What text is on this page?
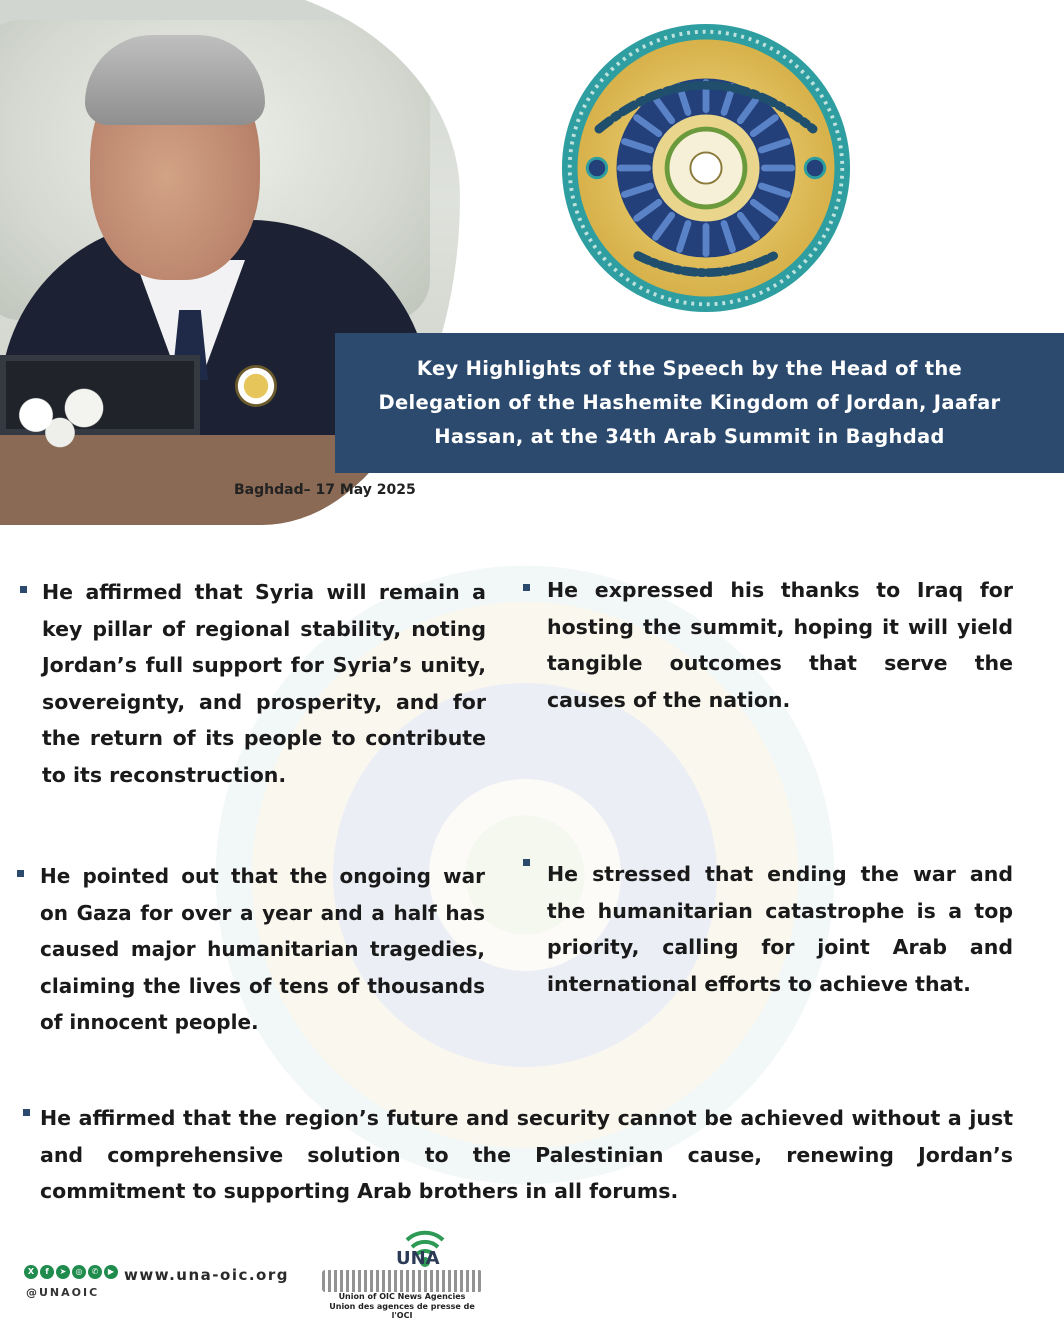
Key Highlights of the Speech by the Head of the Delegation of the Hashemite Kingdom of Jordan, Jaafar Hassan, at the 34th Arab Summit in Baghdad
Baghdad– 17 May 2025
He affirmed that Syria will remain a key pillar of regional stability, noting Jordan’s full support for Syria’s unity, sovereignty, and prosperity, and for the return of its people to contribute to its reconstruction.
He expressed his thanks to Iraq for hosting the summit, hoping it will yield tangible outcomes that serve the causes of the nation.
He pointed out that the ongoing war on Gaza for over a year and a half has caused major humanitarian tragedies, claiming the lives of tens of thousands of innocent people.
He stressed that ending the war and the humanitarian catastrophe is a top priority, calling for joint Arab and international efforts to achieve that.
He affirmed that the region’s future and security cannot be achieved without a just and comprehensive solution to the Palestinian cause, renewing Jordan’s commitment to supporting Arab brothers in all forums.
X	f	➤	◎	✆	▶
@UNAOIC
www.una-oic.org
UNA
Union of OIC News Agencies
Union des agences de presse de l'OCI
